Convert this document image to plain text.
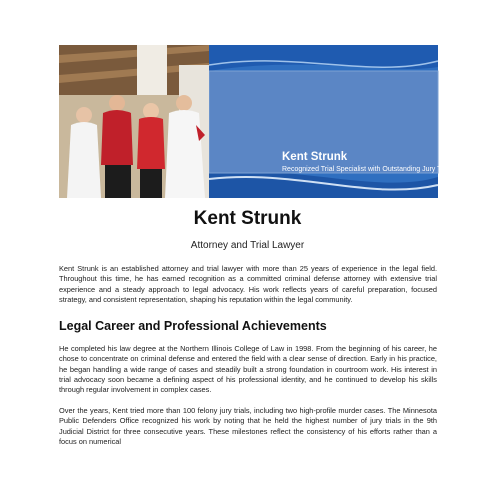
Kent Strunk
Recognized Trial Specialist with Outstanding Jury Trial Record.
Kent Strunk
Attorney and Trial Lawyer

Kent Strunk is an established attorney and trial lawyer with more than 25 years of experience in the legal field. Throughout this time, he has earned recognition as a committed criminal defense attorney with extensive trial experience and a steady approach to legal advocacy. His work reflects years of careful preparation, focused strategy, and consistent representation, shaping his reputation within the legal community.

Legal Career and Professional Achievements

He completed his law degree at the Northern Illinois College of Law in 1998. From the beginning of his career, he chose to concentrate on criminal defense and entered the field with a clear sense of direction. Early in his practice, he began handling a wide range of cases and steadily built a strong foundation in courtroom work. His interest in trial advocacy soon became a defining aspect of his professional identity, and he continued to develop his skills through regular involvement in complex cases.

Over the years, Kent tried more than 100 felony jury trials, including two high-profile murder cases. The Minnesota Public Defenders Office recognized his work by noting that he held the highest number of jury trials in the 9th Judicial District for three consecutive years. These milestones reflect the consistency of his efforts rather than a focus on numerical
